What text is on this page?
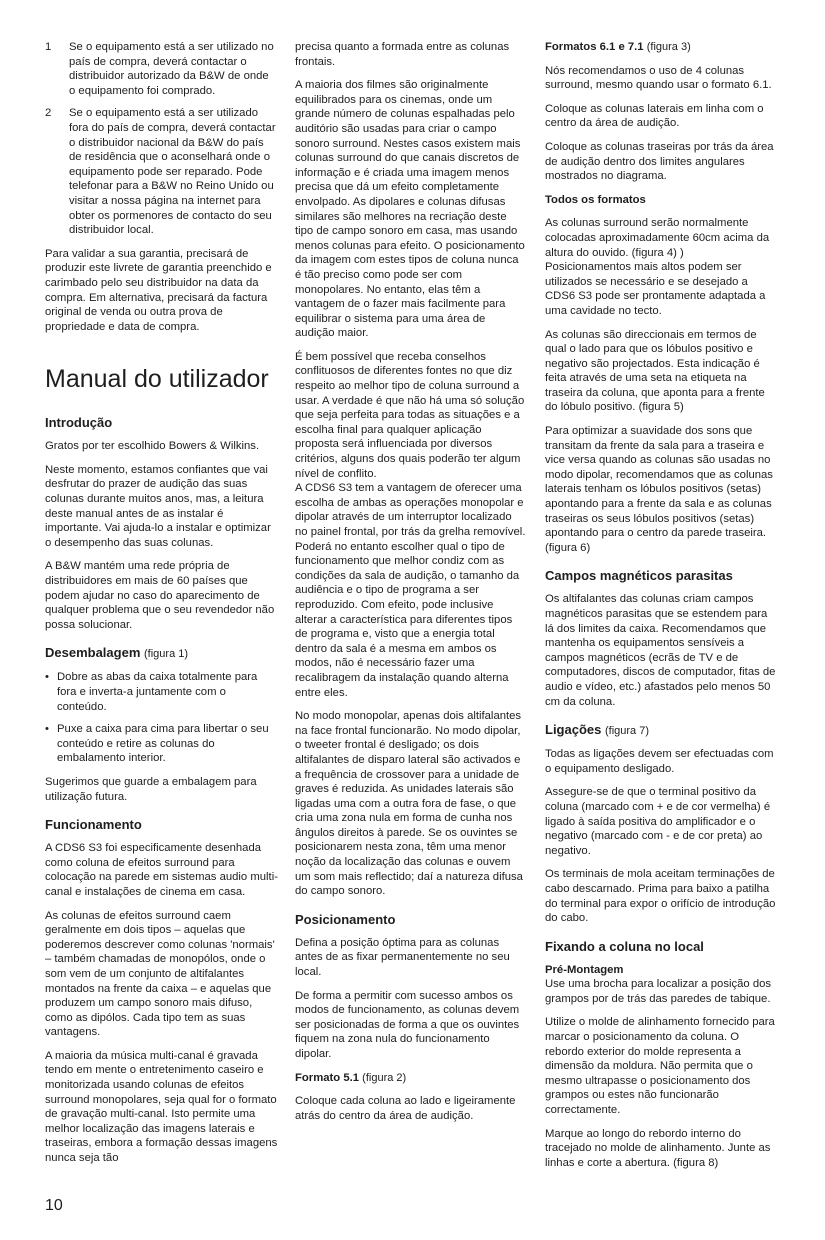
1 Se o equipamento está a ser utilizado no país de compra, deverá contactar o distribuidor autorizado da B&W de onde o equipamento foi comprado.
2 Se o equipamento está a ser utilizado fora do país de compra, deverá contactar o distribuidor nacional da B&W do país de residência que o aconselhará onde o equipamento pode ser reparado. Pode telefonar para a B&W no Reino Unido ou visitar a nossa página na internet para obter os pormenores de contacto do seu distribuidor local.

Para validar a sua garantia, precisará de produzir este livrete de garantia preenchido e carimbado pelo seu distribuidor na data da compra. Em alternativa, precisará da factura original de venda ou outra prova de propriedade e data de compra.

Manual do utilizador
Introdução

Gratos por ter escolhido Bowers & Wilkins.

Neste momento, estamos confiantes que vai desfrutar do prazer de audição das suas colunas durante muitos anos, mas, a leitura deste manual antes de as instalar é importante. Vai ajuda-lo a instalar e optimizar o desempenho das suas colunas.

A B&W mantém uma rede própria de distribuidores em mais de 60 países que podem ajudar no caso do aparecimento de qualquer problema que o seu revendedor não possa solucionar.

Desembalagem (figura 1)
• Dobre as abas da caixa totalmente para fora e inverta-a juntamente com o conteúdo.
• Puxe a caixa para cima para libertar o seu conteúdo e retire as colunas do embalamento interior.

Sugerimos que guarde a embalagem para utilização futura.

Funcionamento

A CDS6 S3 foi especificamente desenhada como coluna de efeitos surround para colocação na parede em sistemas audio multi-canal e instalações de cinema em casa.

As colunas de efeitos surround caem geralmente em dois tipos – aquelas que poderemos descrever como colunas 'normais' – também chamadas de monopólos, onde o som vem de um conjunto de altifalantes montados na frente da caixa – e aquelas que produzem um campo sonoro mais difuso, como as dipólos. Cada tipo tem as suas vantagens.

A maioria da música multi-canal é gravada tendo em mente o entretenimento caseiro e monitorizada usando colunas de efeitos surround monopolares, seja qual for o formato de gravação multi-canal. Isto permite uma melhor localização das imagens laterais e traseiras, embora a formação dessas imagens nunca seja tão

precisa quanto a formada entre as colunas frontais.

A maioria dos filmes são originalmente equilibrados para os cinemas, onde um grande número de colunas espalhadas pelo auditório são usadas para criar o campo sonoro surround. Nestes casos existem mais colunas surround do que canais discretos de informação e é criada uma imagem menos precisa que dá um efeito completamente envolpado. As dipolares e colunas difusas similares são melhores na recriação deste tipo de campo sonoro em casa, mas usando menos colunas para efeito. O posicionamento da imagem com estes tipos de coluna nunca é tão preciso como pode ser com monopolares. No entanto, elas têm a vantagem de o fazer mais facilmente para equilibrar o sistema para uma área de audição maior.

É bem possível que receba conselhos conflituosos de diferentes fontes no que diz respeito ao melhor tipo de coluna surround a usar. A verdade é que não há uma só solução que seja perfeita para todas as situações e a escolha final para qualquer aplicação proposta será influenciada por diversos critérios, alguns dos quais poderão ter algum nível de conflito.
A CDS6 S3 tem a vantagem de oferecer uma escolha de ambas as operações monopolar e dipolar através de um interruptor localizado no painel frontal, por trás da grelha removível. Poderá no entanto escolher qual o tipo de funcionamento que melhor condiz com as condições da sala de audição, o tamanho da audiência e o tipo de programa a ser reproduzido. Com efeito, pode inclusive alterar a característica para diferentes tipos de programa e, visto que a energia total dentro da sala é a mesma em ambos os modos, não é necessário fazer uma recalibragem da instalação quando alterna entre eles.

No modo monopolar, apenas dois altifalantes na face frontal funcionarão. No modo dipolar, o tweeter frontal é desligado; os dois altifalantes de disparo lateral são activados e a frequência de crossover para a unidade de graves é reduzida. As unidades laterais são ligadas uma com a outra fora de fase, o que cria uma zona nula em forma de cunha nos ângulos direitos à parede. Se os ouvintes se posicionarem nesta zona, têm uma menor noção da localização das colunas e ouvem um som mais reflectido; daí a natureza difusa do campo sonoro.

Posicionamento

Defina a posição óptima para as colunas antes de as fixar permanentemente no seu local.

De forma a permitir com sucesso ambos os modos de funcionamento, as colunas devem ser posicionadas de forma a que os ouvintes fiquem na zona nula do funcionamento dipolar.

Formato 5.1 (figura 2)

Coloque cada coluna ao lado e ligeiramente atrás do centro da área de audição.

Formatos 6.1 e 7.1 (figura 3)

Nós recomendamos o uso de 4 colunas surround, mesmo quando usar o formato 6.1.

Coloque as colunas laterais em linha com o centro da área de audição.

Coloque as colunas traseiras por trás da área de audição dentro dos limites angulares mostrados no diagrama.

Todos os formatos

As colunas surround serão normalmente colocadas aproximadamente 60cm acima da altura do ouvido. (figura 4) )
Posicionamentos mais altos podem ser utilizados se necessário e se desejado a CDS6 S3 pode ser prontamente adaptada a uma cavidade no tecto.

As colunas são direccionais em termos de qual o lado para que os lóbulos positivo e negativo são projectados. Esta indicação é feita através de uma seta na etiqueta na traseira da coluna, que aponta para a frente do lóbulo positivo. (figura 5)

Para optimizar a suavidade dos sons que transitam da frente da sala para a traseira e vice versa quando as colunas são usadas no modo dipolar, recomendamos que as colunas laterais tenham os lóbulos positivos (setas) apontando para a frente da sala e as colunas traseiras os seus lóbulos positivos (setas) apontando para o centro da parede traseira. (figura 6)

Campos magnéticos parasitas

Os altifalantes das colunas criam campos magnéticos parasitas que se estendem para lá dos limites da caixa. Recomendamos que mantenha os equipamentos sensíveis a campos magnéticos (ecrãs de TV e de computadores, discos de computador, fitas de audio e vídeo, etc.) afastados pelo menos 50 cm da coluna.

Ligações (figura 7)

Todas as ligações devem ser efectuadas com o equipamento desligado.

Assegure-se de que o terminal positivo da coluna (marcado com + e de cor vermelha) é ligado à saída positiva do amplificador e o negativo (marcado com - e de cor preta) ao negativo.

Os terminais de mola aceitam terminações de cabo descarnado. Prima para baixo a patilha do terminal para expor o orifício de introdução do cabo.

Fixando a coluna no local
Pré-Montagem

Use uma brocha para localizar a posição dos grampos por de trás das paredes de tabique.

Utilize o molde de alinhamento fornecido para marcar o posicionamento da coluna. O rebordo exterior do molde representa a dimensão da moldura. Não permita que o mesmo ultrapasse o posicionamento dos grampos ou estes não funcionarão correctamente.

Marque ao longo do rebordo interno do tracejado no molde de alinhamento. Junte as linhas e corte a abertura. (figura 8)

10
